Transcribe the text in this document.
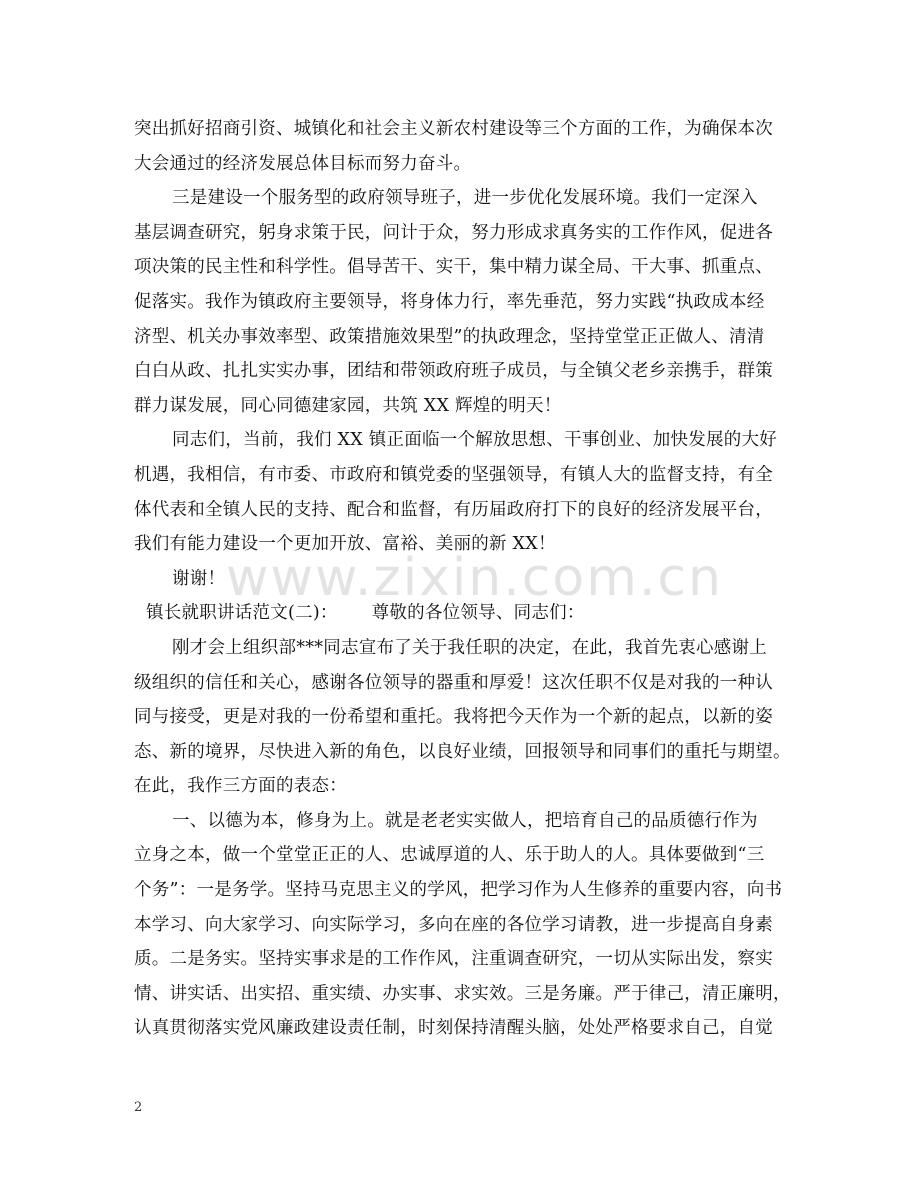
突出抓好招商引资、城镇化和社会主义新农村建设等三个方面的工作，为确保本次
大会通过的经济发展总体目标而努力奋斗。
三是建设一个服务型的政府领导班子，进一步优化发展环境。我们一定深入
基层调查研究，躬身求策于民，问计于众，努力形成求真务实的工作作风，促进各
项决策的民主性和科学性。倡导苦干、实干，集中精力谋全局、干大事、抓重点、
促落实。我作为镇政府主要领导，将身体力行，率先垂范，努力实践“执政成本经
济型、机关办事效率型、政策措施效果型”的执政理念，坚持堂堂正正做人、清清
白白从政、扎扎实实办事，团结和带领政府班子成员，与全镇父老乡亲携手，群策
群力谋发展，同心同德建家园，共筑 XX 辉煌的明天！
同志们，当前，我们 XX 镇正面临一个解放思想、干事创业、加快发展的大好
机遇，我相信，有市委、市政府和镇党委的坚强领导，有镇人大的监督支持，有全
体代表和全镇人民的支持、配合和监督，有历届政府打下的良好的经济发展平台，
我们有能力建设一个更加开放、富裕、美丽的新 XX！
谢谢！
镇长就职讲话范文(二)： 尊敬的各位领导、同志们：
刚才会上组织部***同志宣布了关于我任职的决定，在此，我首先衷心感谢上
级组织的信任和关心，感谢各位领导的器重和厚爱！这次任职不仅是对我的一种认
同与接受，更是对我的一份希望和重托。我将把今天作为一个新的起点，以新的姿
态、新的境界，尽快进入新的角色，以良好业绩，回报领导和同事们的重托与期望。
在此，我作三方面的表态：
一、以德为本，修身为上。就是老老实实做人，把培育自己的品质德行作为
立身之本，做一个堂堂正正的人、忠诚厚道的人、乐于助人的人。具体要做到“三
个务”：一是务学。坚持马克思主义的学风，把学习作为人生修养的重要内容，向书
本学习、向大家学习、向实际学习，多向在座的各位学习请教，进一步提高自身素
质。二是务实。坚持实事求是的工作作风，注重调查研究，一切从实际出发，察实
情、讲实话、出实招、重实绩、办实事、求实效。三是务廉。严于律己，清正廉明，
认真贯彻落实党风廉政建设责任制，时刻保持清醒头脑，处处严格要求自己，自觉
www.zixin.com.cn
2
